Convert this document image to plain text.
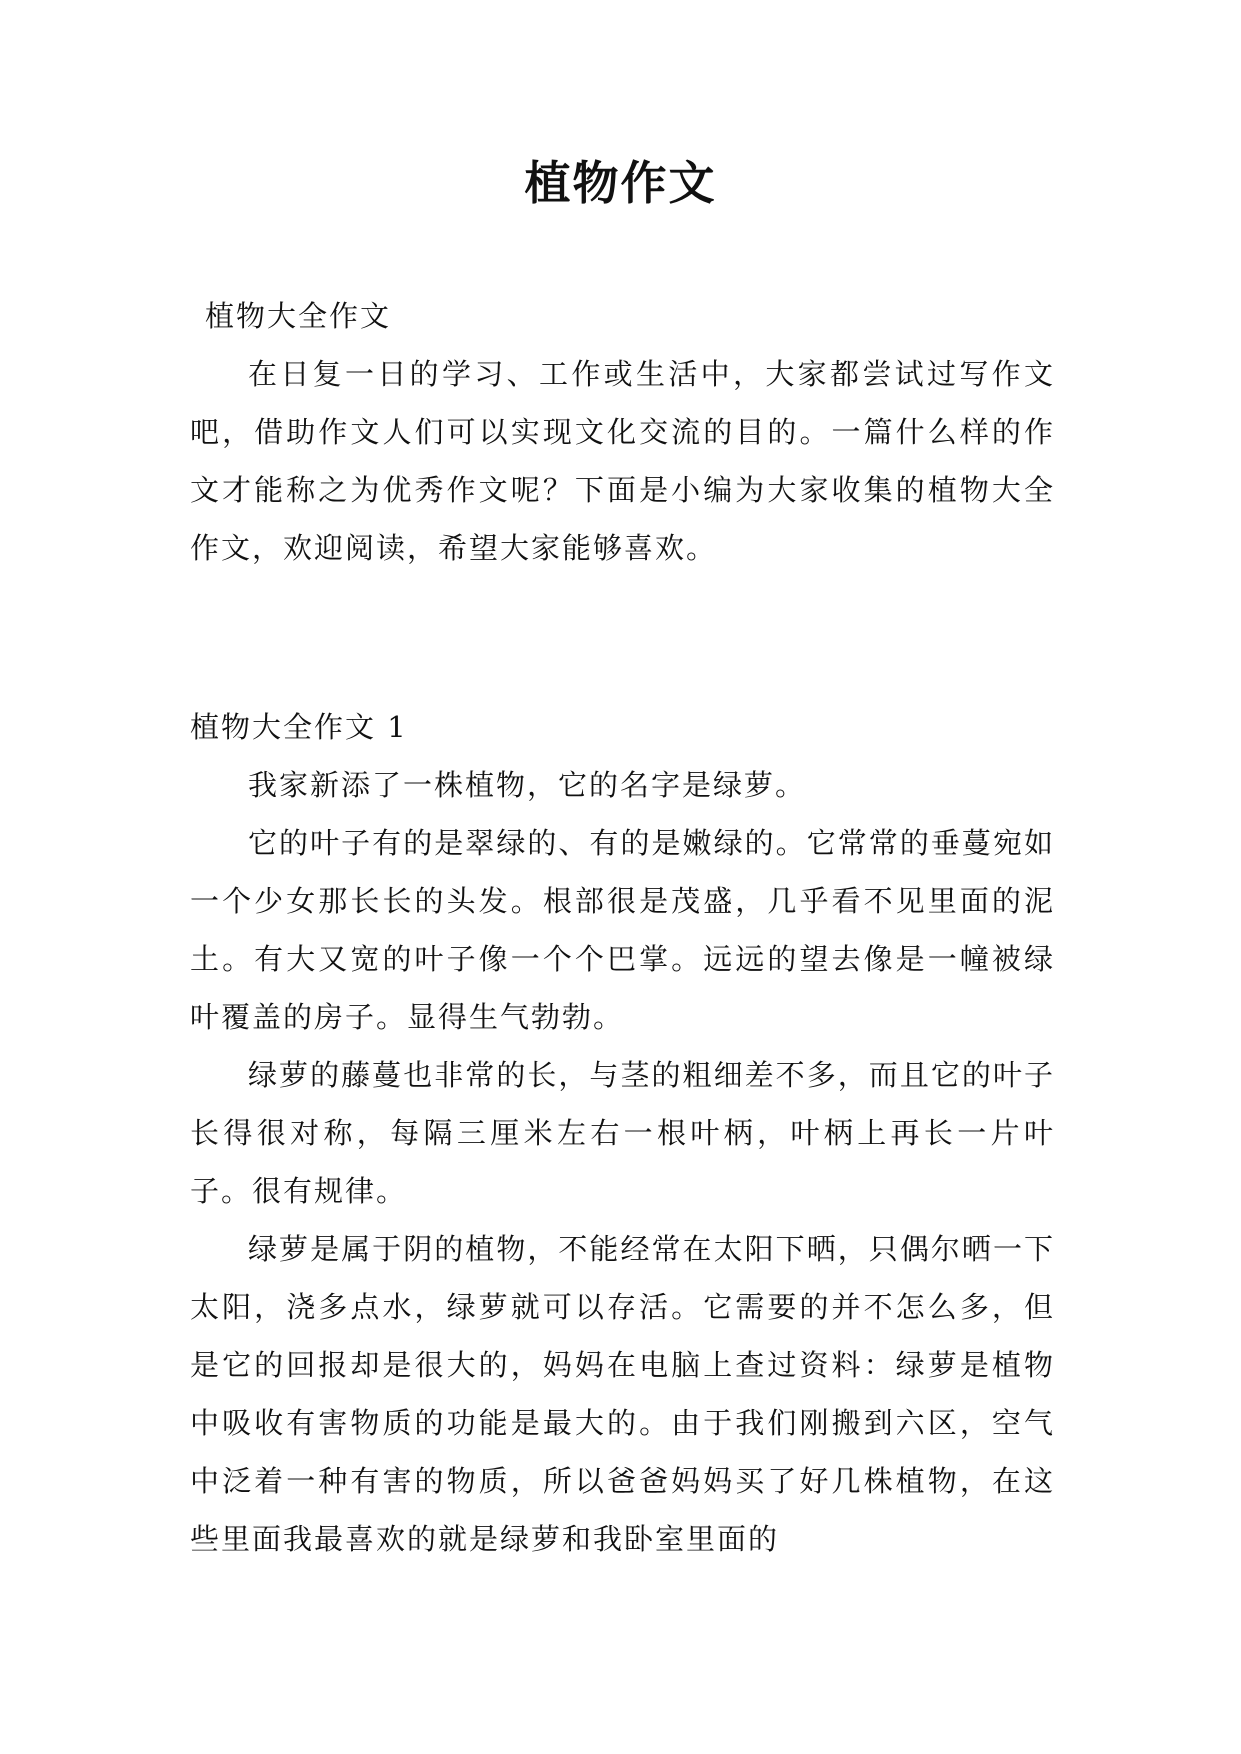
植物作文
植物大全作文
在日复一日的学习、工作或生活中，大家都尝试过写作文吧，借助作文人们可以实现文化交流的目的。一篇什么样的作文才能称之为优秀作文呢？下面是小编为大家收集的植物大全作文，欢迎阅读，希望大家能够喜欢。
植物大全作文 1
我家新添了一株植物，它的名字是绿萝。
它的叶子有的是翠绿的、有的是嫩绿的。它常常的垂蔓宛如一个少女那长长的头发。根部很是茂盛，几乎看不见里面的泥土。有大又宽的叶子像一个个巴掌。远远的望去像是一幢被绿叶覆盖的房子。显得生气勃勃。
绿萝的藤蔓也非常的长，与茎的粗细差不多，而且它的叶子长得很对称，每隔三厘米左右一根叶柄，叶柄上再长一片叶子。很有规律。
绿萝是属于阴的植物，不能经常在太阳下晒，只偶尔晒一下太阳，浇多点水，绿萝就可以存活。它需要的并不怎么多，但是它的回报却是很大的，妈妈在电脑上查过资料：绿萝是植物中吸收有害物质的功能是最大的。由于我们刚搬到六区，空气中泛着一种有害的物质，所以爸爸妈妈买了好几株植物，在这些里面我最喜欢的就是绿萝和我卧室里面的
